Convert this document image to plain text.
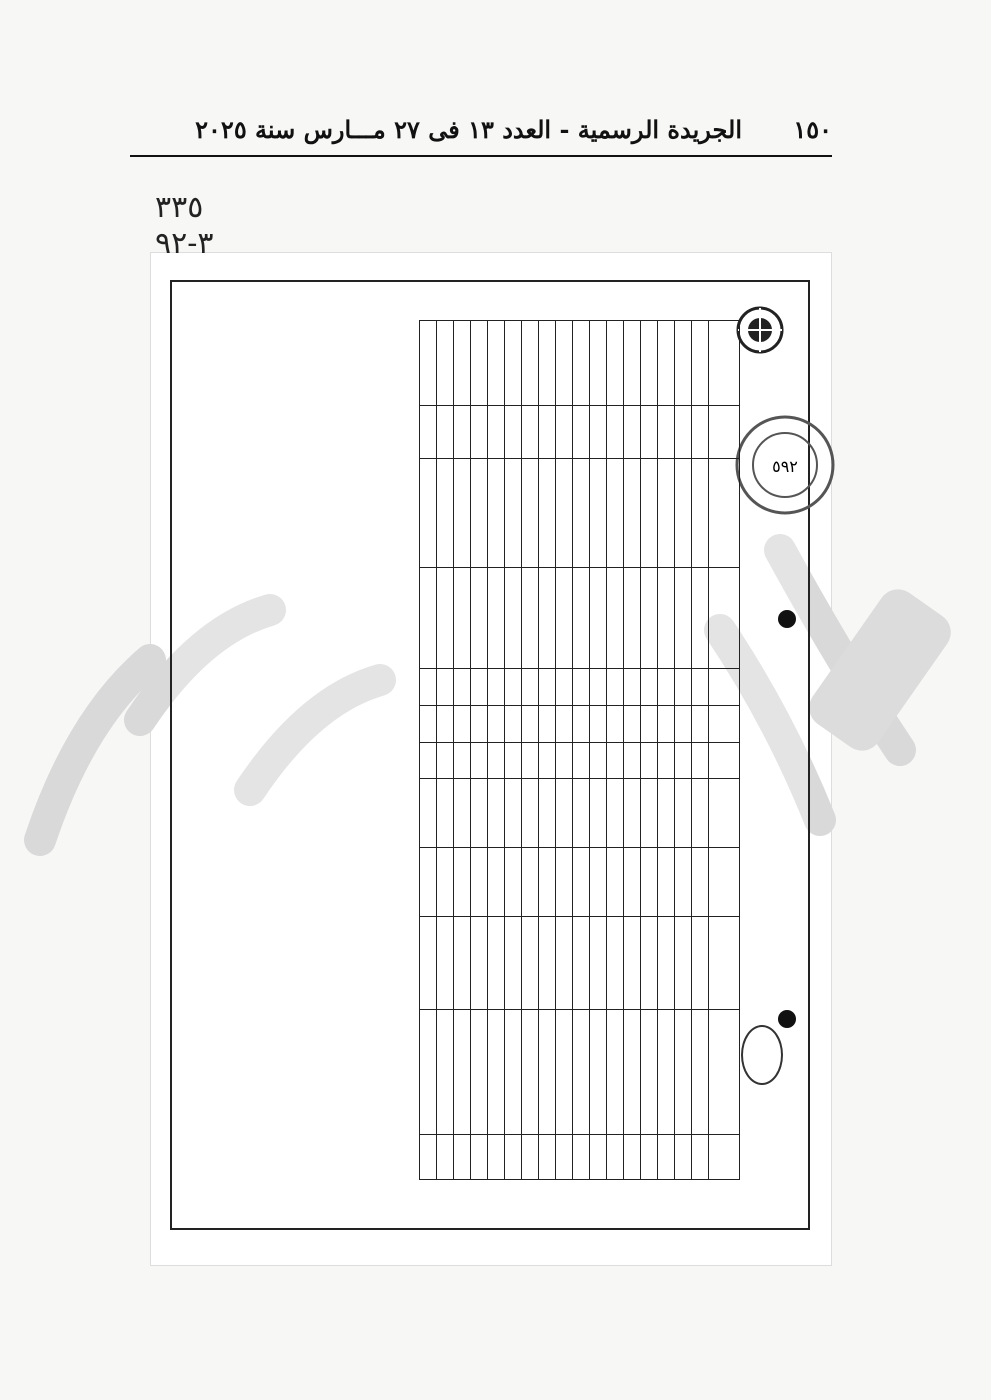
الجريدة الرسمية - العدد ١٣ فى ٢٧ مـــارس سنة ٢٠٢٥ ١٥٠
٥٩٢
٣٣٥
٣-٩٢
